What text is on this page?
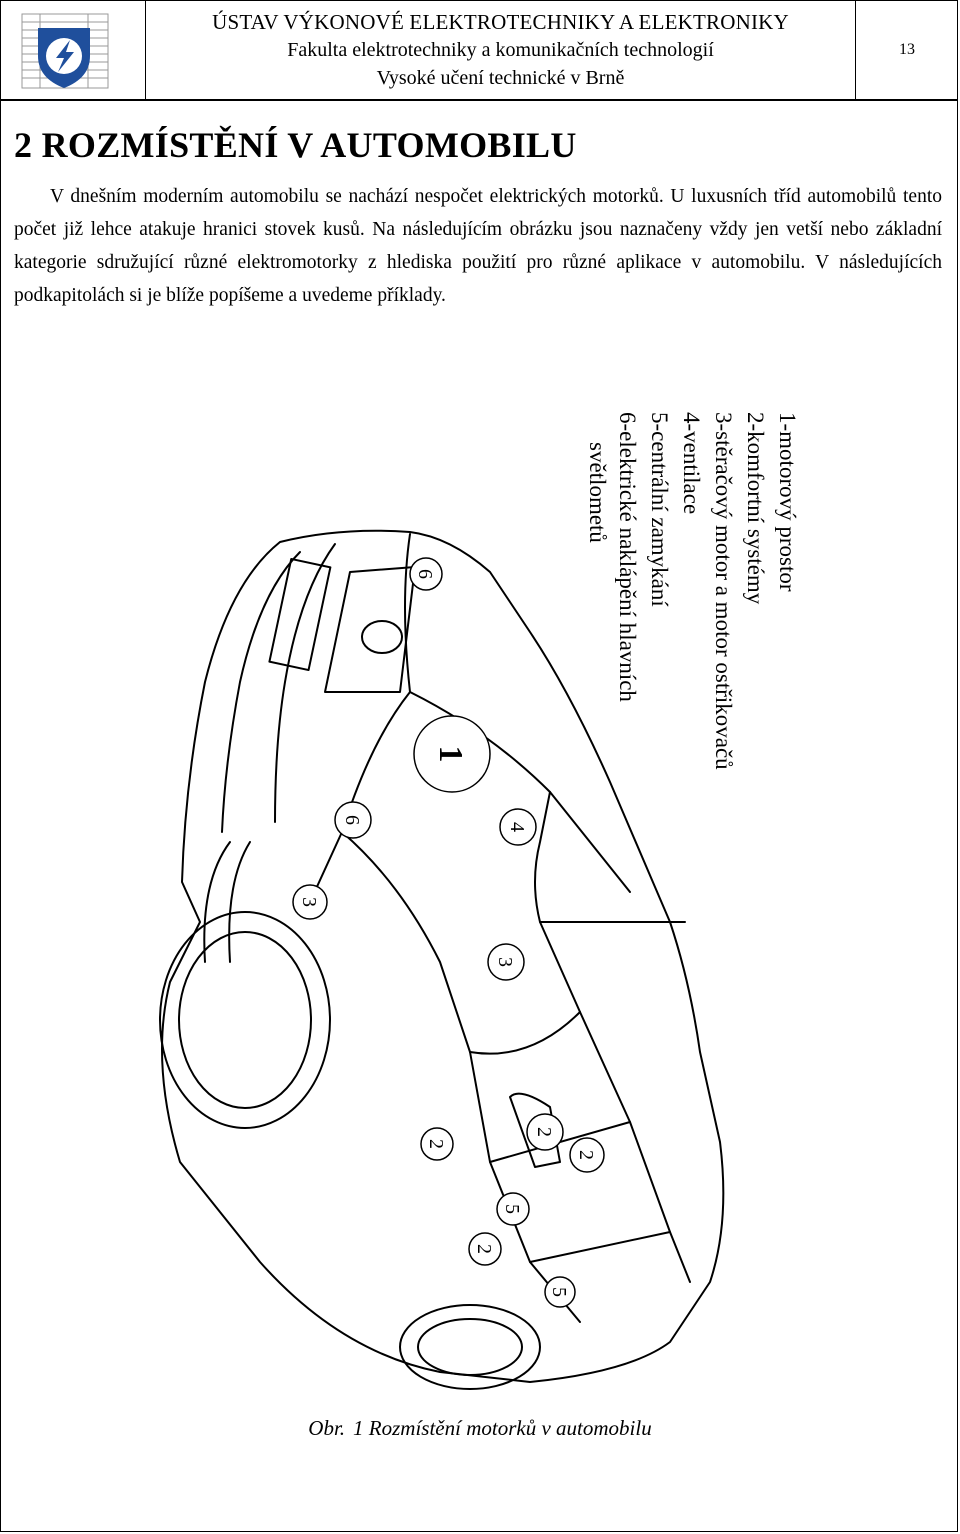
ÚSTAV VÝKONOVÉ ELEKTROTECHNIKY A ELEKTRONIKY
Fakulta elektrotechniky a komunikačních technologií
Vysoké učení technické v Brně
13
2 ROZMÍSTĚNÍ V AUTOMOBILU
V dnešním moderním automobilu se nachází nespočet elektrických motorků. U luxusních tříd automobilů tento počet již lehce atakuje hranici stovek kusů. Na následujícím obrázku jsou naznačeny vždy jen vetší nebo základní kategorie sdružující různé elektromotorky z hlediska použití pro různé aplikace v automobilu. V následujících podkapitolách si je blíže popíšeme a uvedeme příklady.
1-motorový prostor
2-komfortní systémy
3-stěračový motor a motor ostřikovačů
4-ventilace
5-centrální zamykání
6-elektrické naklápění hlavních
světlometů
1
2
2
2
2
3
3
4
5
5
6
6
Obr. 1 Rozmístění motorků v automobilu
